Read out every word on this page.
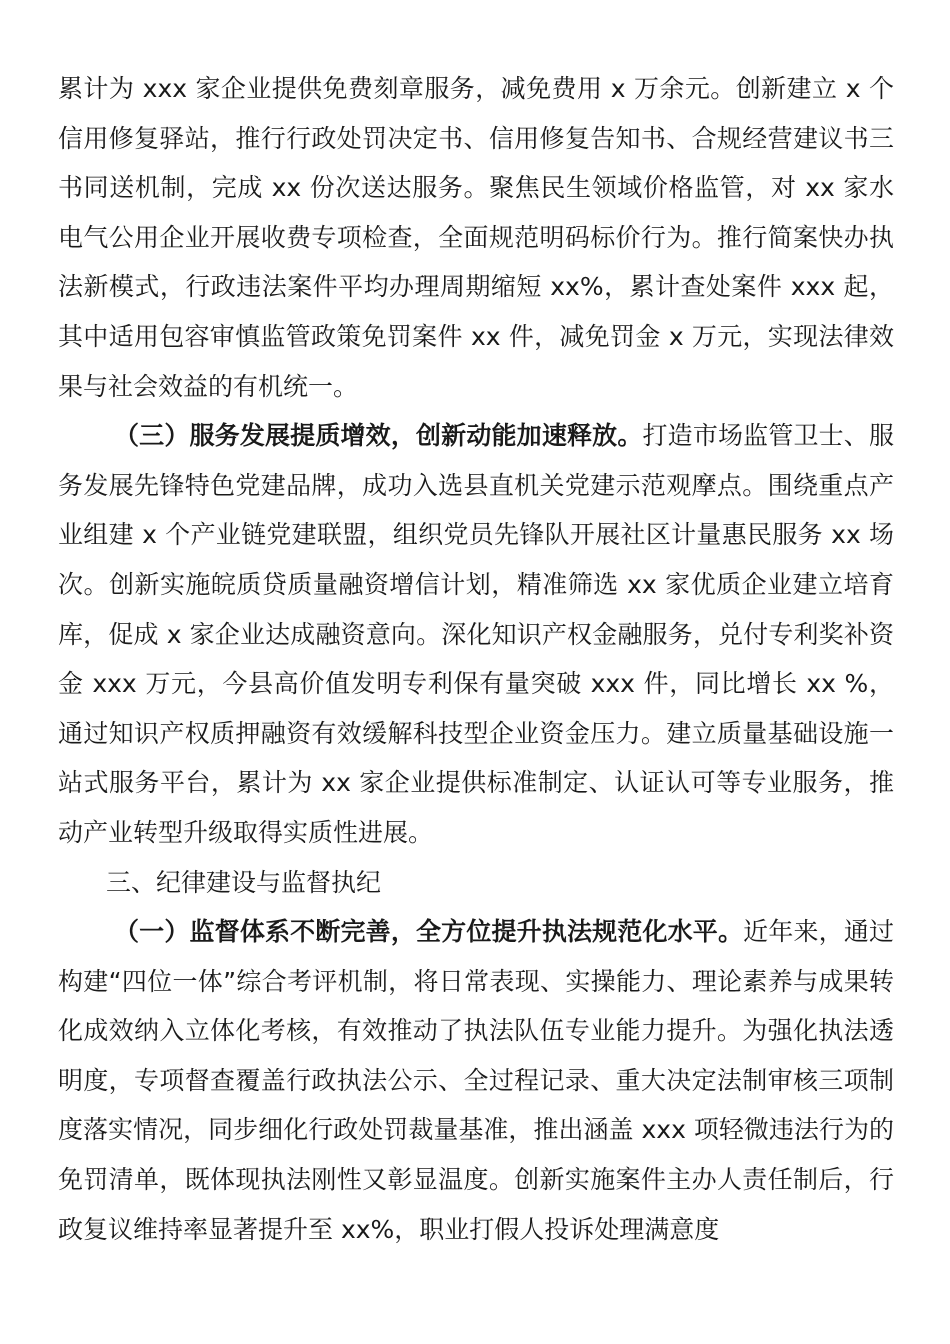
累计为 xxx 家企业提供免费刻章服务，减免费用 x 万余元。创新建立 x 个信用修复驿站，推行行政处罚决定书、信用修复告知书、合规经营建议书三书同送机制，完成 xx 份次送达服务。聚焦民生领域价格监管，对 xx 家水电气公用企业开展收费专项检查，全面规范明码标价行为。推行简案快办执法新模式，行政违法案件平均办理周期缩短 xx%，累计查处案件 xxx 起，其中适用包容审慎监管政策免罚案件 xx 件，减免罚金 x 万元，实现法律效果与社会效益的有机统一。

（三）服务发展提质增效，创新动能加速释放。打造市场监管卫士、服务发展先锋特色党建品牌，成功入选县直机关党建示范观摩点。围绕重点产业组建 x 个产业链党建联盟，组织党员先锋队开展社区计量惠民服务 xx 场次。创新实施皖质贷质量融资增信计划，精准筛选 xx 家优质企业建立培育库，促成 x 家企业达成融资意向。深化知识产权金融服务，兑付专利奖补资金 xxx 万元，今县高价值发明专利保有量突破 xxx 件，同比增长 xx %，通过知识产权质押融资有效缓解科技型企业资金压力。建立质量基础设施一站式服务平台，累计为 xx 家企业提供标准制定、认证认可等专业服务，推动产业转型升级取得实质性进展。

三、纪律建设与监督执纪

（一）监督体系不断完善，全方位提升执法规范化水平。近年来，通过构建“四位一体”综合考评机制，将日常表现、实操能力、理论素养与成果转化成效纳入立体化考核，有效推动了执法队伍专业能力提升。为强化执法透明度，专项督查覆盖行政执法公示、全过程记录、重大决定法制审核三项制度落实情况，同步细化行政处罚裁量基准，推出涵盖 xxx 项轻微违法行为的免罚清单，既体现执法刚性又彰显温度。创新实施案件主办人责任制后，行政复议维持率显著提升至 xx%，职业打假人投诉处理满意度
